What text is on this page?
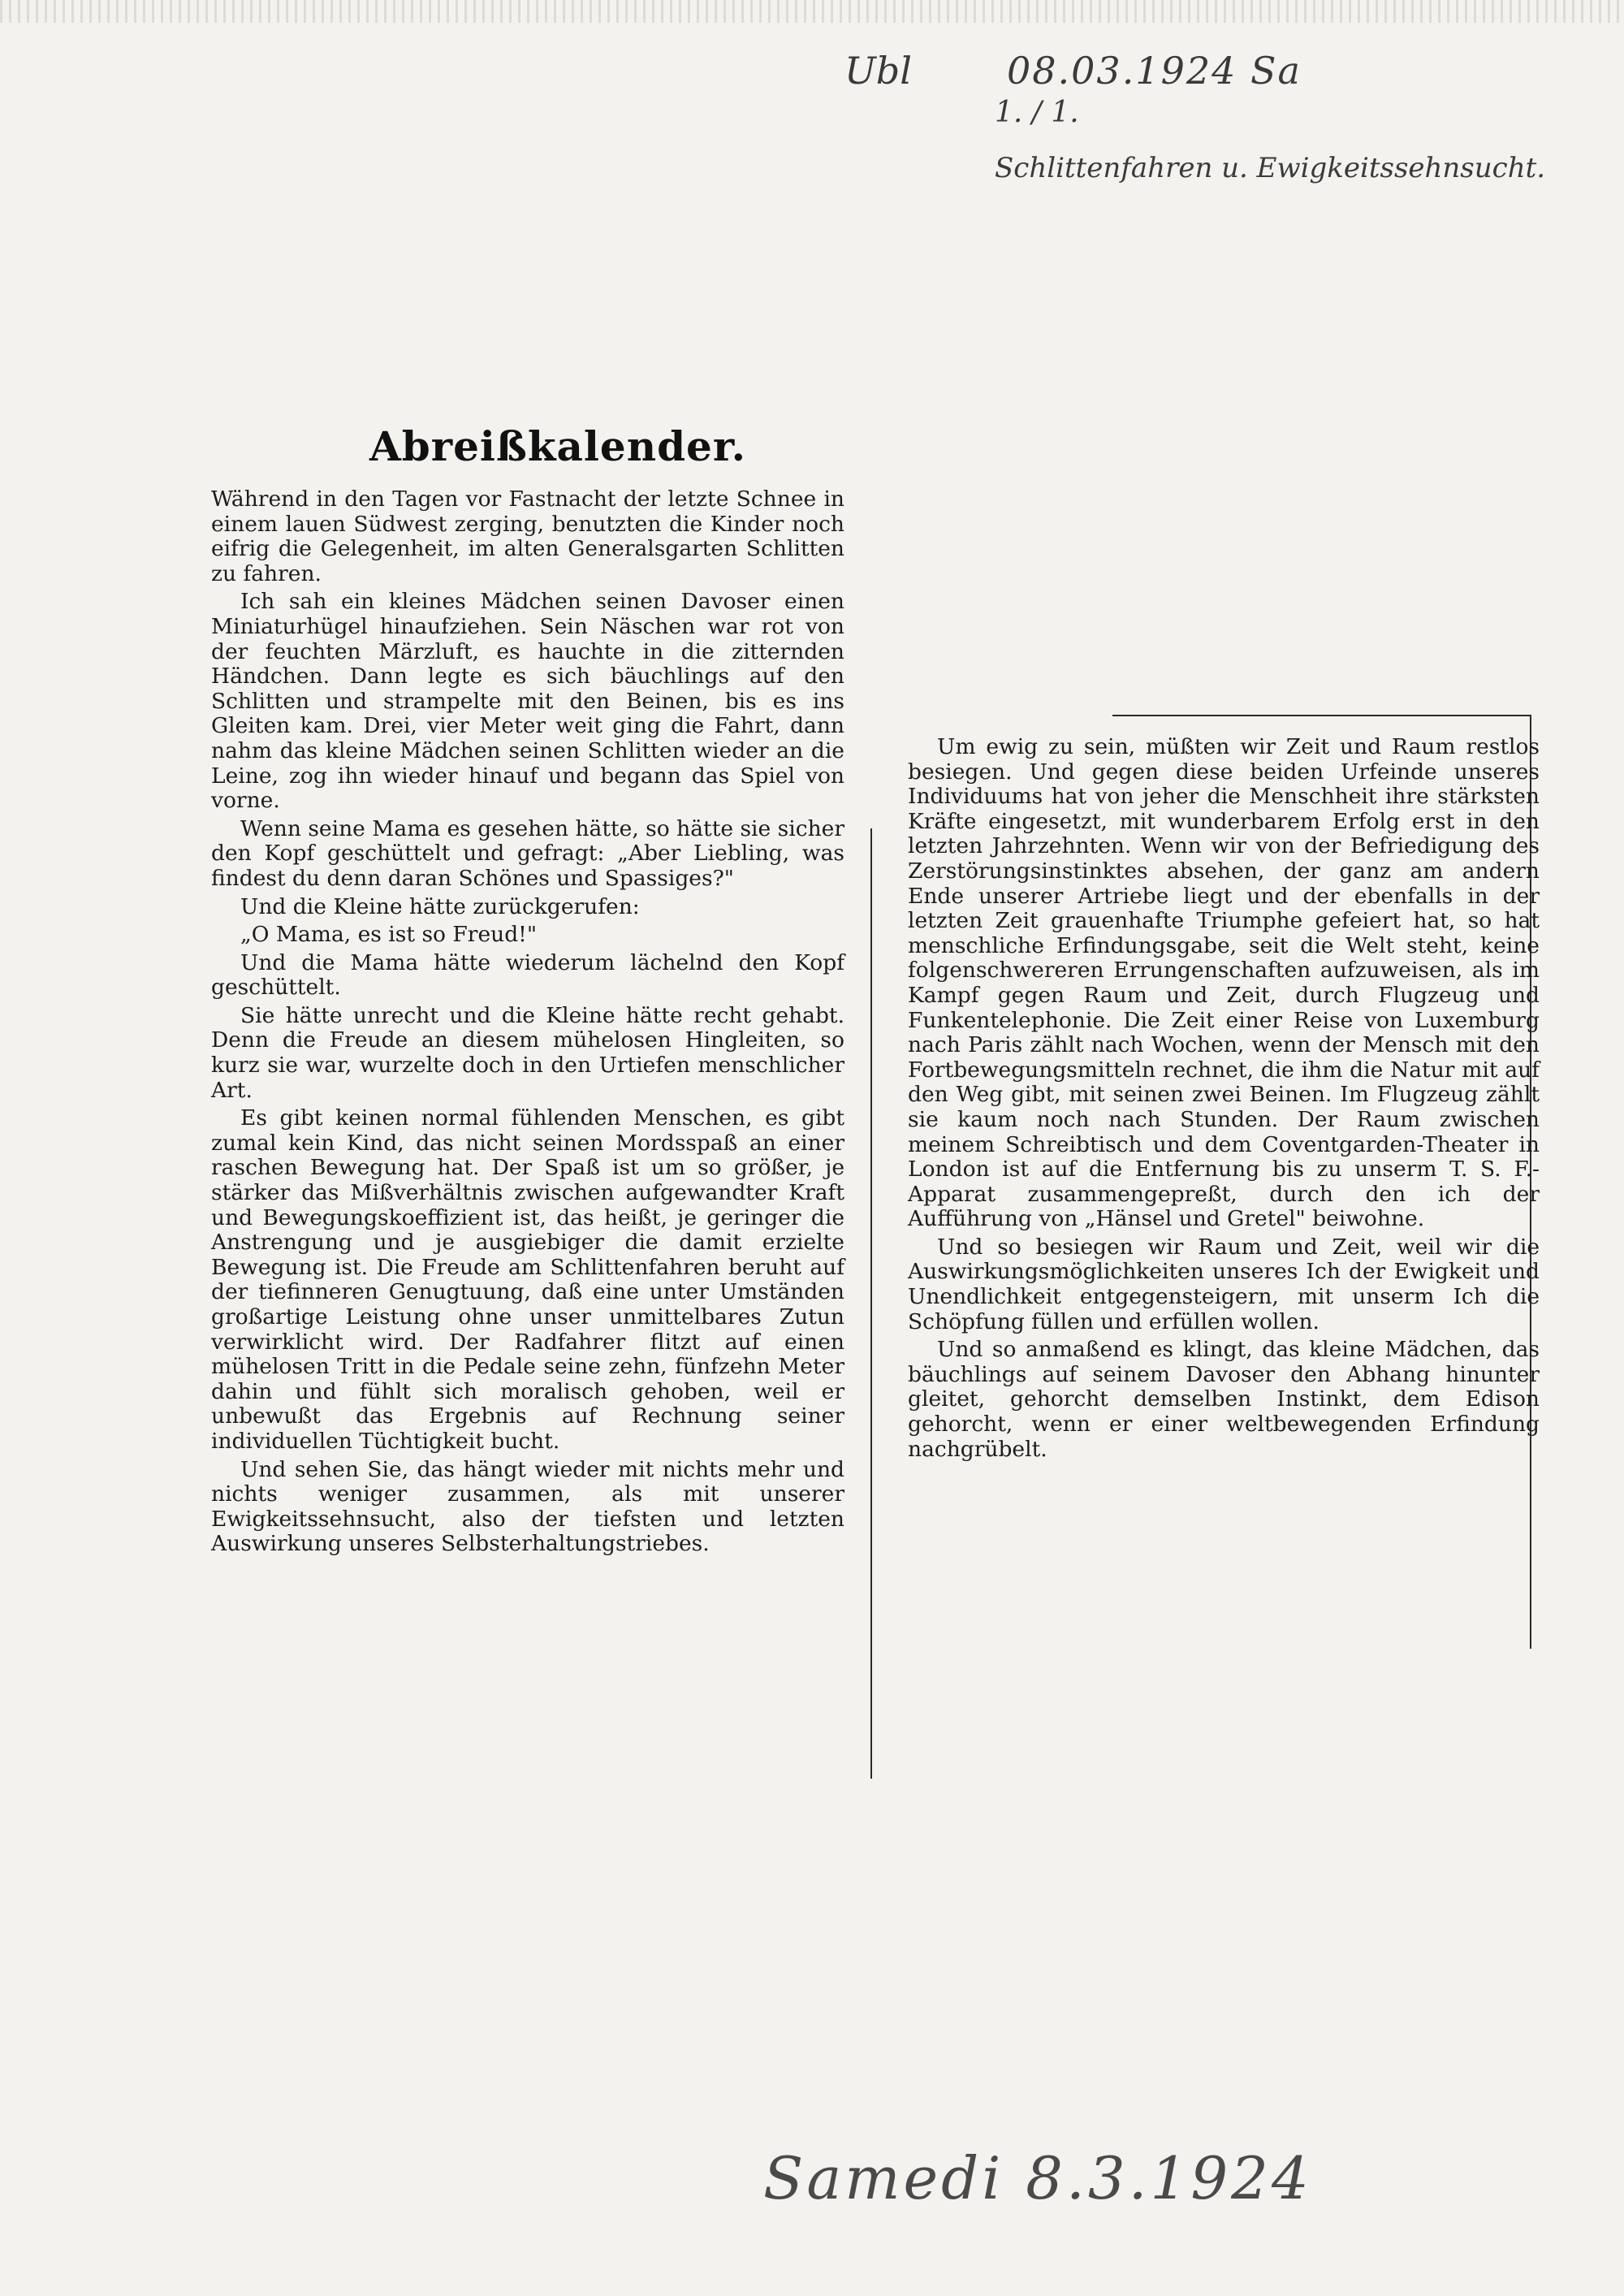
Ubl	08.03.1924 Sa
1. / 1.
Schlittenfahren u. Ewigkeitssehnsucht.
Abreißkalender.

Während in den Tagen vor Fastnacht der letzte Schnee in einem lauen Südwest zerging, benutzten die Kinder noch eifrig die Gelegenheit, im alten Generalsgarten Schlitten zu fahren.

Ich sah ein kleines Mädchen seinen Davoser einen Miniaturhügel hinaufziehen. Sein Näschen war rot von der feuchten Märzluft, es hauchte in die zitternden Händchen. Dann legte es sich bäuchlings auf den Schlitten und strampelte mit den Beinen, bis es ins Gleiten kam. Drei, vier Meter weit ging die Fahrt, dann nahm das kleine Mädchen seinen Schlitten wieder an die Leine, zog ihn wieder hinauf und begann das Spiel von vorne.

Wenn seine Mama es gesehen hätte, so hätte sie sicher den Kopf geschüttelt und gefragt: „Aber Liebling, was findest du denn daran Schönes und Spassiges?"

Und die Kleine hätte zurückgerufen:

„O Mama, es ist so Freud!"

Und die Mama hätte wiederum lächelnd den Kopf geschüttelt.

Sie hätte unrecht und die Kleine hätte recht gehabt. Denn die Freude an diesem mühelosen Hingleiten, so kurz sie war, wurzelte doch in den Urtiefen menschlicher Art.

Es gibt keinen normal fühlenden Menschen, es gibt zumal kein Kind, das nicht seinen Mordsspaß an einer raschen Bewegung hat. Der Spaß ist um so größer, je stärker das Mißverhältnis zwischen aufgewandter Kraft und Bewegungskoeffizient ist, das heißt, je geringer die Anstrengung und je ausgiebiger die damit erzielte Bewegung ist. Die Freude am Schlittenfahren beruht auf der tiefinneren Genugtuung, daß eine unter Umständen großartige Leistung ohne unser unmittelbares Zutun verwirklicht wird. Der Radfahrer flitzt auf einen mühelosen Tritt in die Pedale seine zehn, fünfzehn Meter dahin und fühlt sich moralisch gehoben, weil er unbewußt das Ergebnis auf Rechnung seiner individuellen Tüchtigkeit bucht.

Und sehen Sie, das hängt wieder mit nichts mehr und nichts weniger zusammen, als mit unserer Ewigkeitssehnsucht, also der tiefsten und letzten Auswirkung unseres Selbsterhaltungstriebes.

Um ewig zu sein, müßten wir Zeit und Raum restlos besiegen. Und gegen diese beiden Urfeinde unseres Individuums hat von jeher die Menschheit ihre stärksten Kräfte eingesetzt, mit wunderbarem Erfolg erst in den letzten Jahrzehnten. Wenn wir von der Befriedigung des Zerstörungsinstinktes absehen, der ganz am andern Ende unserer Artriebe liegt und der ebenfalls in der letzten Zeit grauenhafte Triumphe gefeiert hat, so hat menschliche Erfindungsgabe, seit die Welt steht, keine folgenschwereren Errungenschaften aufzuweisen, als im Kampf gegen Raum und Zeit, durch Flugzeug und Funkentelephonie. Die Zeit einer Reise von Luxemburg nach Paris zählt nach Wochen, wenn der Mensch mit den Fortbewegungsmitteln rechnet, die ihm die Natur mit auf den Weg gibt, mit seinen zwei Beinen. Im Flugzeug zählt sie kaum noch nach Stunden. Der Raum zwischen meinem Schreibtisch und dem Coventgarden-Theater in London ist auf die Entfernung bis zu unserm T. S. F.-Apparat zusammengepreßt, durch den ich der Aufführung von „Hänsel und Gretel" beiwohne.

Und so besiegen wir Raum und Zeit, weil wir die Auswirkungsmöglichkeiten unseres Ich der Ewigkeit und Unendlichkeit entgegensteigern, mit unserm Ich die Schöpfung füllen und erfüllen wollen.

Und so anmaßend es klingt, das kleine Mädchen, das bäuchlings auf seinem Davoser den Abhang hinunter gleitet, gehorcht demselben Instinkt, dem Edison gehorcht, wenn er einer weltbewegenden Erfindung nachgrübelt.

Samedi 8.3.1924
